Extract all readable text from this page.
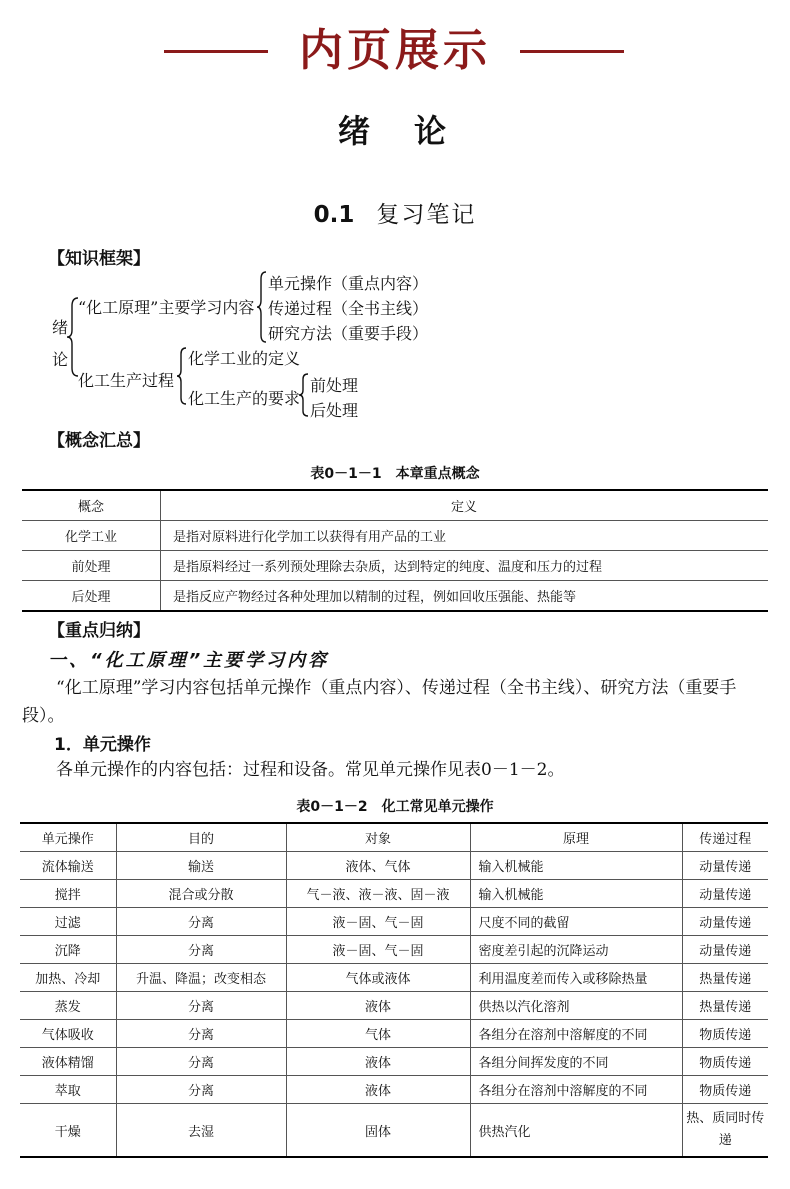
内页展示
绪　论
0.1 复习笔记
【知识框架】
绪
论
“化工原理”主要学习内容
单元操作（重点内容）
传递过程（全书主线）
研究方法（重要手段）
化工生产过程
化学工业的定义
化工生产的要求
前处理
后处理
【概念汇总】
表0－1－1　本章重点概念
概念	定义
化学工业	是指对原料进行化学加工以获得有用产品的工业
前处理	是指原料经过一系列预处理除去杂质，达到特定的纯度、温度和压力的过程
后处理	是指反应产物经过各种处理加以精制的过程，例如回收压强能、热能等
【重点归纳】
一、“化工原理”主要学习内容
“化工原理”学习内容包括单元操作（重点内容）、传递过程（全书主线）、研究方法（重要手段）。
1．单元操作
各单元操作的内容包括：过程和设备。常见单元操作见表0－1－2。
表0－1－2　化工常见单元操作
单元操作	目的	对象	原理	传递过程
流体输送	输送	液体、气体	输入机械能	动量传递
搅拌	混合或分散	气－液、液－液、固－液	输入机械能	动量传递
过滤	分离	液－固、气－固	尺度不同的截留	动量传递
沉降	分离	液－固、气－固	密度差引起的沉降运动	动量传递
加热、冷却	升温、降温；改变相态	气体或液体	利用温度差而传入或移除热量	热量传递
蒸发	分离	液体	供热以汽化溶剂	热量传递
气体吸收	分离	气体	各组分在溶剂中溶解度的不同	物质传递
液体精馏	分离	液体	各组分间挥发度的不同	物质传递
萃取	分离	液体	各组分在溶剂中溶解度的不同	物质传递
干燥	去湿	固体	供热汽化	热、质同时传递
